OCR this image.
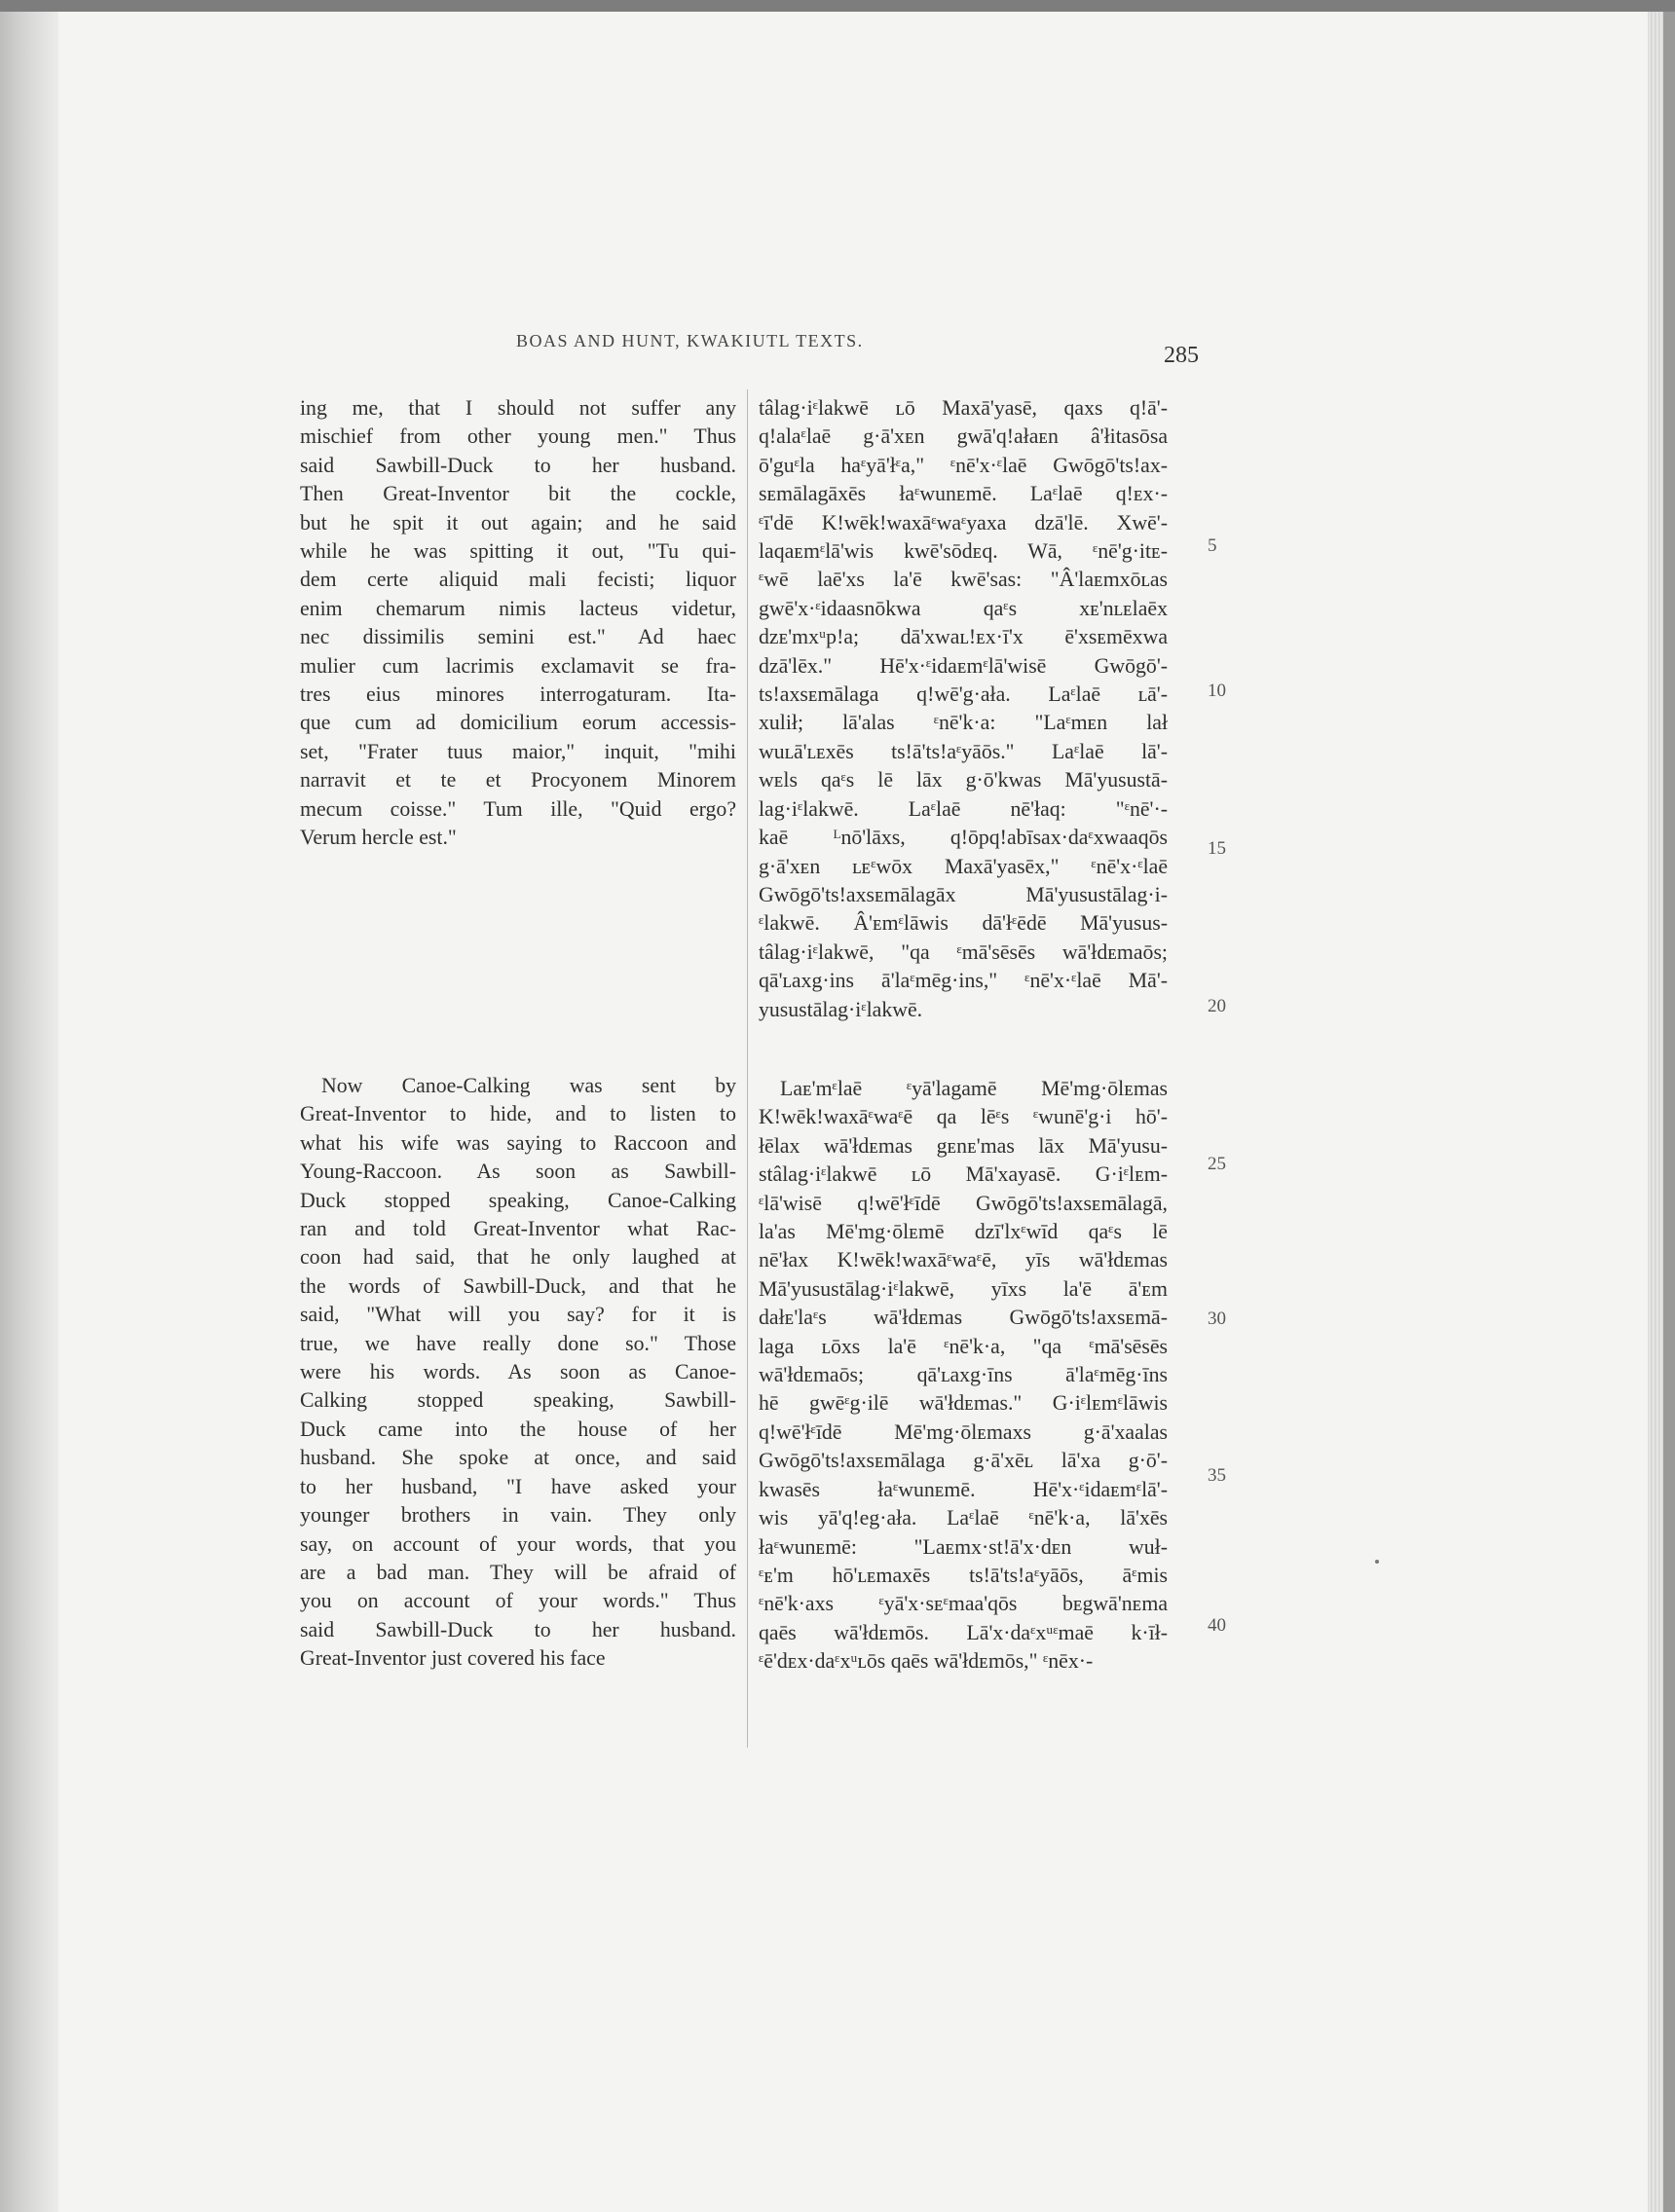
BOAS AND HUNT, KWAKIUTL TEXTS.
285
ing me, that I should not suffer any
mischief from other young men." Thus
said Sawbill-Duck to her husband.
Then Great-Inventor bit the cockle,
but he spit it out again; and he said
while he was spitting it out, "Tu qui-
dem certe aliquid mali fecisti; liquor
enim chemarum nimis lacteus videtur,
nec dissimilis semini est." Ad haec
mulier cum lacrimis exclamavit se fra-
tres eius minores interrogaturam. Ita-
que cum ad domicilium eorum accessis-
set, "Frater tuus maior," inquit, "mihi
narravit et te et Procyonem Minorem
mecum coisse." Tum ille, "Quid ergo?
Verum hercle est."
Now Canoe-Calking was sent by
Great-Inventor to hide, and to listen to
what his wife was saying to Raccoon and
Young-Raccoon. As soon as Sawbill-
Duck stopped speaking, Canoe-Calking
ran and told Great-Inventor what Rac-
coon had said, that he only laughed at
the words of Sawbill-Duck, and that he
said, "What will you say? for it is
true, we have really done so." Those
were his words. As soon as Canoe-
Calking stopped speaking, Sawbill-
Duck came into the house of her
husband. She spoke at once, and said
to her husband, "I have asked your
younger brothers in vain. They only
say, on account of your words, that you
are a bad man. They will be afraid of
you on account of your words." Thus
said Sawbill-Duck to her husband.
Great-Inventor just covered his face
tâlag·iᵋlakwē ʟō Maxā'yasē, qaxs q!ā'-
q!alaᵋlaē g·ā'xᴇn gwā'q!ałaᴇn â'łitasōsa
ō'guᵋla haᵋyā'łᵋa," ᵋnē'x·ᵋlaē Gwōgō'ts!ax-
sᴇmālagāxēs łaᵋwunᴇmē. Laᵋlaē q!ᴇx·-
ᵋī'dē K!wēk!waxāᵋwaᵋyaxa dzā'lē. Xwē'-
laqaᴇmᵋlā'wis kwē'sōdᴇq. Wā, ᵋnē'g·itᴇ-
ᵋwē laē'xs la'ē kwē'sas: "Â'laᴇmxōʟas
gwē'x·ᵋidaasnōkwa qaᵋs xᴇ'nʟᴇlaēx
dzᴇ'mxᵘp!a; dā'xwaʟ!ᴇx·ī'x ē'xsᴇmēxwa
dzā'lēx." Hē'x·ᵋidaᴇmᵋlā'wisē Gwōgō'-
ts!axsᴇmālaga q!wē'g·ała. Laᵋlaē ʟā'-
xulił; lā'alas ᵋnē'k·a: "Laᵋmᴇn lał
wuʟā'ʟᴇxēs ts!ā'ts!aᵋyāōs." Laᵋlaē lā'-
wᴇls qaᵋs lē lāx g·ō'kwas Mā'yusustā-
lag·iᵋlakwē. Laᵋlaē nē'łaq: "ᵋnē'·-
kaē ᴸnō'lāxs, q!ōpq!abīsax·daᵋxwaaqōs
g·ā'xᴇn ʟᴇᵋwōx Maxā'yasēx," ᵋnē'x·ᵋlaē
Gwōgō'ts!axsᴇmālagāx Mā'yusustālag·i-
ᵋlakwē. Â'ᴇmᵋlāwis dā'łᵋēdē Mā'yusus-
tâlag·iᵋlakwē, "qa ᵋmā'sēsēs wā'łdᴇmaōs;
qā'ʟaxg·ins ā'laᵋmēg·ins," ᵋnē'x·ᵋlaē Mā'-
yusustālag·iᵋlakwē.
Laᴇ'mᵋlaē ᵋyā'lagamē Mē'mg·ōlᴇmas
K!wēk!waxāᵋwaᵋē qa lēᵋs ᵋwunē'g·i hō'-
łēlax wā'łdᴇmas gᴇnᴇ'mas lāx Mā'yusu-
stâlag·iᵋlakwē ʟō Mā'xayasē. G·iᵋlᴇm-
ᵋlā'wisē q!wē'łᵋīdē Gwōgō'ts!axsᴇmālagā,
la'as Mē'mg·ōlᴇmē dzī'lxᵋwīd qaᵋs lē
nē'łax K!wēk!waxāᵋwaᵋē, yīs wā'łdᴇmas
Mā'yusustālag·iᵋlakwē, yīxs la'ē ā'ᴇm
dałᴇ'laᵋs wā'łdᴇmas Gwōgō'ts!axsᴇmā-
laga ʟōxs la'ē ᵋnē'k·a, "qa ᵋmā'sēsēs
wā'łdᴇmaōs; qā'ʟaxg·īns ā'laᵋmēg·īns
hē gwēᵋg·ilē wā'łdᴇmas." G·iᵋlᴇmᵋlāwis
q!wē'łᵋīdē Mē'mg·ōlᴇmaxs g·ā'xaalas
Gwōgō'ts!axsᴇmālaga g·ā'xēʟ lā'xa g·ō'-
kwasēs łaᵋwunᴇmē. Hē'x·ᵋidaᴇmᵋlā'-
wis yā'q!eg·ała. Laᵋlaē ᵋnē'k·a, lā'xēs
łaᵋwunᴇmē: "Laᴇmx·st!ā'x·dᴇn wuł-
ᵋᴇ'm hō'ʟᴇmaxēs ts!ā'ts!aᵋyāōs, āᵋmis
ᵋnē'k·axs ᵋyā'x·sᴇᵋmaa'qōs bᴇgwā'nᴇma
qaēs wā'łdᴇmōs. Lā'x·daᵋxᵘᵋmaē k·īł-
ᵋē'dᴇx·daᵋxᵘʟōs qaēs wā'łdᴇmōs," ᵋnēx·-
5
10
15
20
25
30
35
40
